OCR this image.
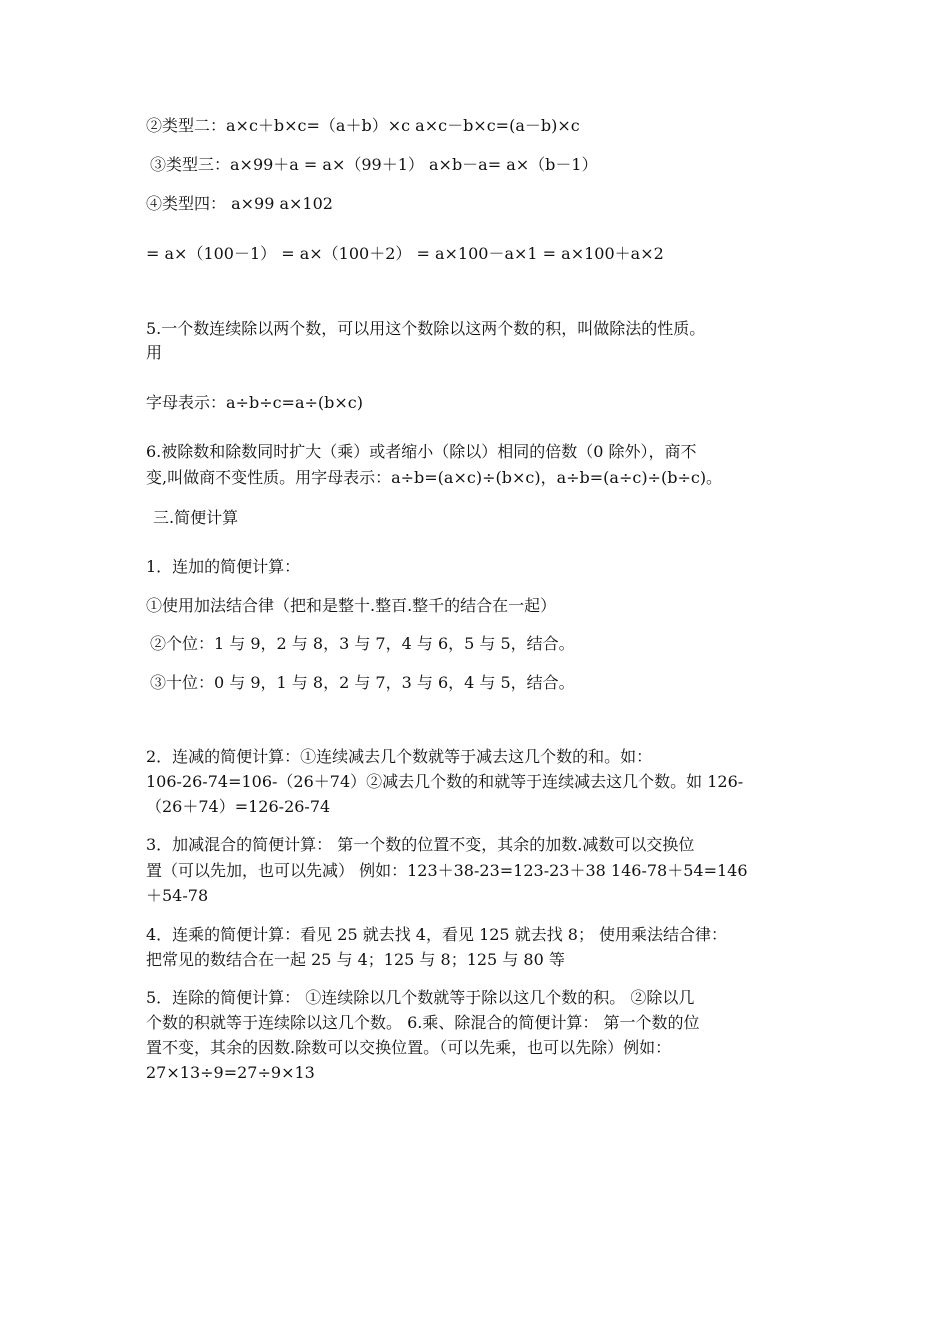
②类型二：a×c＋b×c=（a＋b）×c a×c－b×c=(a－b)×c
③类型三：a×99＋a = a×（99＋1） a×b－a= a×（b－1）
④类型四： a×99 a×102
= a×（100－1） = a×（100＋2） = a×100－a×1 = a×100＋a×2
5.一个数连续除以两个数，可以用这个数除以这两个数的积，叫做除法的性质。
用
字母表示：a÷b÷c=a÷(b×c)
6.被除数和除数同时扩大（乘）或者缩小（除以）相同的倍数（0 除外），商不
变,叫做商不变性质。用字母表示：a÷b=(a×c)÷(b×c)，a÷b=(a÷c)÷(b÷c)。
三.简便计算
1．连加的简便计算：
①使用加法结合律（把和是整十.整百.整千的结合在一起）
②个位：1 与 9，2 与 8，3 与 7，4 与 6，5 与 5，结合。
③十位：0 与 9，1 与 8，2 与 7，3 与 6，4 与 5，结合。
2．连减的简便计算：①连续减去几个数就等于减去这几个数的和。如：
106-26-74=106-（26＋74）②减去几个数的和就等于连续减去这几个数。如 126-
（26＋74）=126-26-74
3．加减混合的简便计算： 第一个数的位置不变，其余的加数.减数可以交换位
置（可以先加，也可以先减） 例如：123＋38-23=123-23＋38 146-78＋54=146
＋54-78
4．连乘的简便计算：看见 25 就去找 4，看见 125 就去找 8； 使用乘法结合律：
把常见的数结合在一起 25 与 4；125 与 8；125 与 80 等
5．连除的简便计算： ①连续除以几个数就等于除以这几个数的积。 ②除以几
个数的积就等于连续除以这几个数。 6.乘、除混合的简便计算： 第一个数的位
置不变，其余的因数.除数可以交换位置。（可以先乘，也可以先除）例如：
27×13÷9=27÷9×13
